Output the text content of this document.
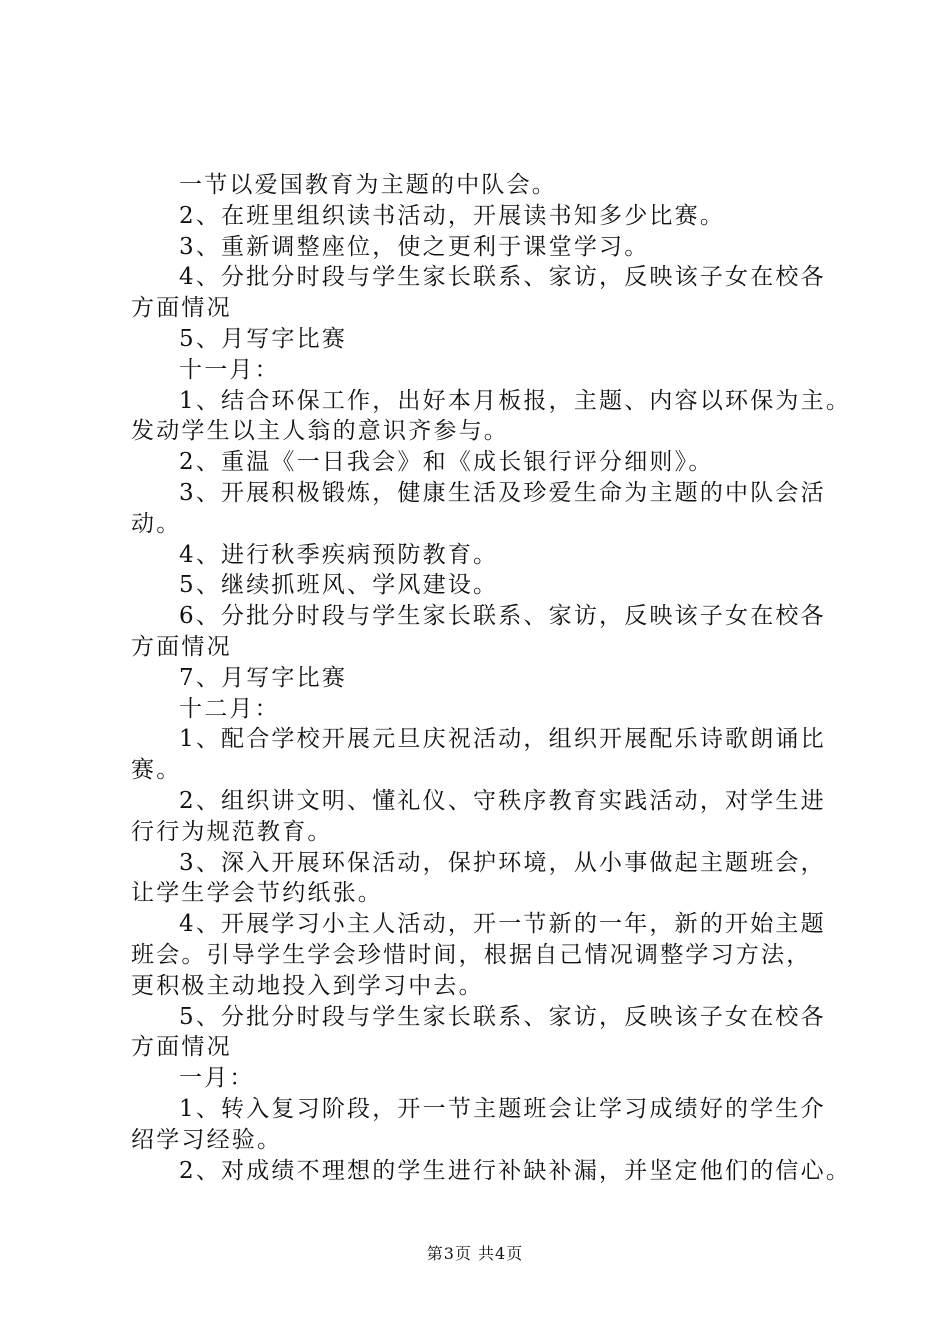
一节以爱国教育为主题的中队会。
2、在班里组织读书活动，开展读书知多少比赛。
3、重新调整座位，使之更利于课堂学习。
4、分批分时段与学生家长联系、家访，反映该子女在校各
方面情况
5、月写字比赛
十一月：
1、结合环保工作，出好本月板报，主题、内容以环保为主。
发动学生以主人翁的意识齐参与。
2、重温《一日我会》和《成长银行评分细则》。
3、开展积极锻炼，健康生活及珍爱生命为主题的中队会活
动。
4、进行秋季疾病预防教育。
5、继续抓班风、学风建设。
6、分批分时段与学生家长联系、家访，反映该子女在校各
方面情况
7、月写字比赛
十二月：
1、配合学校开展元旦庆祝活动，组织开展配乐诗歌朗诵比
赛。
2、组织讲文明、懂礼仪、守秩序教育实践活动，对学生进
行行为规范教育。
3、深入开展环保活动，保护环境，从小事做起主题班会，
让学生学会节约纸张。
4、开展学习小主人活动，开一节新的一年，新的开始主题
班会。引导学生学会珍惜时间，根据自己情况调整学习方法，
更积极主动地投入到学习中去。
5、分批分时段与学生家长联系、家访，反映该子女在校各
方面情况
一月：
1、转入复习阶段，开一节主题班会让学习成绩好的学生介
绍学习经验。
2、对成绩不理想的学生进行补缺补漏，并坚定他们的信心。
第3页 共4页
